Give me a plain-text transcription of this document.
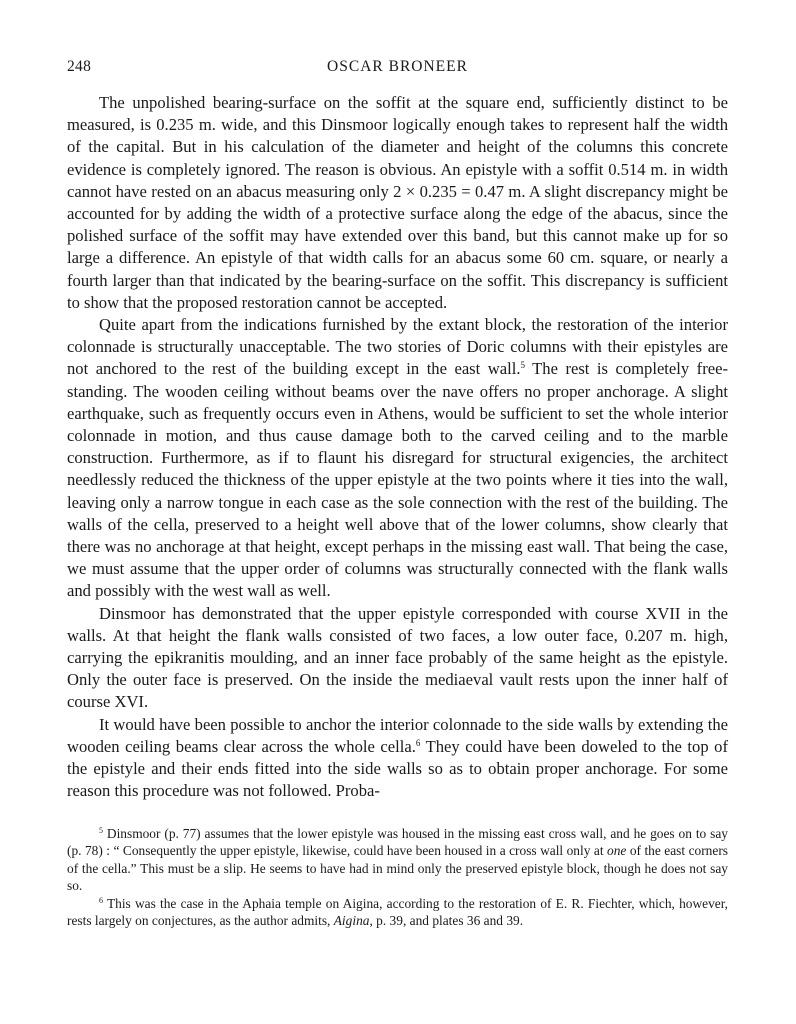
248	OSCAR BRONEER

The unpolished bearing-surface on the soffit at the square end, sufficiently distinct to be measured, is 0.235 m. wide, and this Dinsmoor logically enough takes to represent half the width of the capital. But in his calculation of the diameter and height of the columns this concrete evidence is completely ignored. The reason is obvious. An epistyle with a soffit 0.514 m. in width cannot have rested on an abacus measuring only 2 × 0.235 = 0.47 m. A slight discrepancy might be accounted for by adding the width of a protective surface along the edge of the abacus, since the polished surface of the soffit may have extended over this band, but this cannot make up for so large a difference. An epistyle of that width calls for an abacus some 60 cm. square, or nearly a fourth larger than that indicated by the bearing-surface on the soffit. This discrepancy is sufficient to show that the proposed restoration cannot be accepted.

Quite apart from the indications furnished by the extant block, the restoration of the interior colonnade is structurally unacceptable. The two stories of Doric columns with their epistyles are not anchored to the rest of the building except in the east wall.$^5$ The rest is completely free-standing. The wooden ceiling without beams over the nave offers no proper anchorage. A slight earthquake, such as frequently occurs even in Athens, would be sufficient to set the whole interior colonnade in motion, and thus cause damage both to the carved ceiling and to the marble construction. Furthermore, as if to flaunt his disregard for structural exigencies, the architect needlessly reduced the thickness of the upper epistyle at the two points where it ties into the wall, leaving only a narrow tongue in each case as the sole connection with the rest of the building. The walls of the cella, preserved to a height well above that of the lower columns, show clearly that there was no anchorage at that height, except perhaps in the missing east wall. That being the case, we must assume that the upper order of columns was structurally connected with the flank walls and possibly with the west wall as well.

Dinsmoor has demonstrated that the upper epistyle corresponded with course XVII in the walls. At that height the flank walls consisted of two faces, a low outer face, 0.207 m. high, carrying the epikranitis moulding, and an inner face probably of the same height as the epistyle. Only the outer face is preserved. On the inside the mediaeval vault rests upon the inner half of course XVI.

It would have been possible to anchor the interior colonnade to the side walls by extending the wooden ceiling beams clear across the whole cella.$^6$ They could have been doweled to the top of the epistyle and their ends fitted into the side walls so as to obtain proper anchorage. For some reason this procedure was not followed. Proba-

$^5$ Dinsmoor (p. 77) assumes that the lower epistyle was housed in the missing east cross wall, and he goes on to say (p. 78) : “ Consequently the upper epistyle, likewise, could have been housed in a cross wall only at one of the east corners of the cella.” This must be a slip. He seems to have had in mind only the preserved epistyle block, though he does not say so.

$^6$ This was the case in the Aphaia temple on Aigina, according to the restoration of E. R. Fiechter, which, however, rests largely on conjectures, as the author admits, Aigina, p. 39, and plates 36 and 39.
